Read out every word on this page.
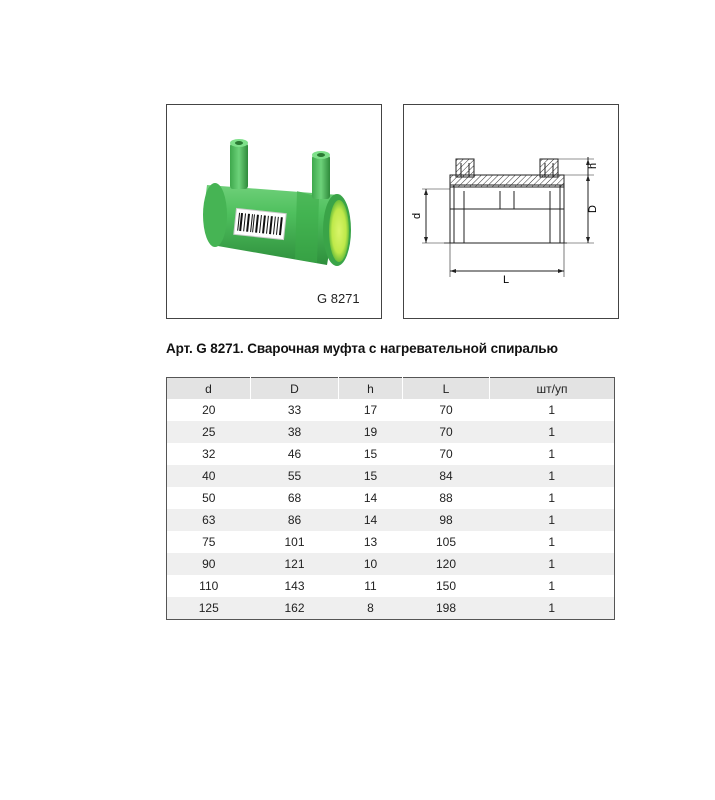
G 8271
d
D
h
L
Арт. G 8271. Сварочная муфта с нагревательной спиралью
d	D	h	L	шт/уп
20	33	17	70	1
25	38	19	70	1
32	46	15	70	1
40	55	15	84	1
50	68	14	88	1
63	86	14	98	1
75	101	13	105	1
90	121	10	120	1
110	143	11	150	1
125	162	8	198	1
